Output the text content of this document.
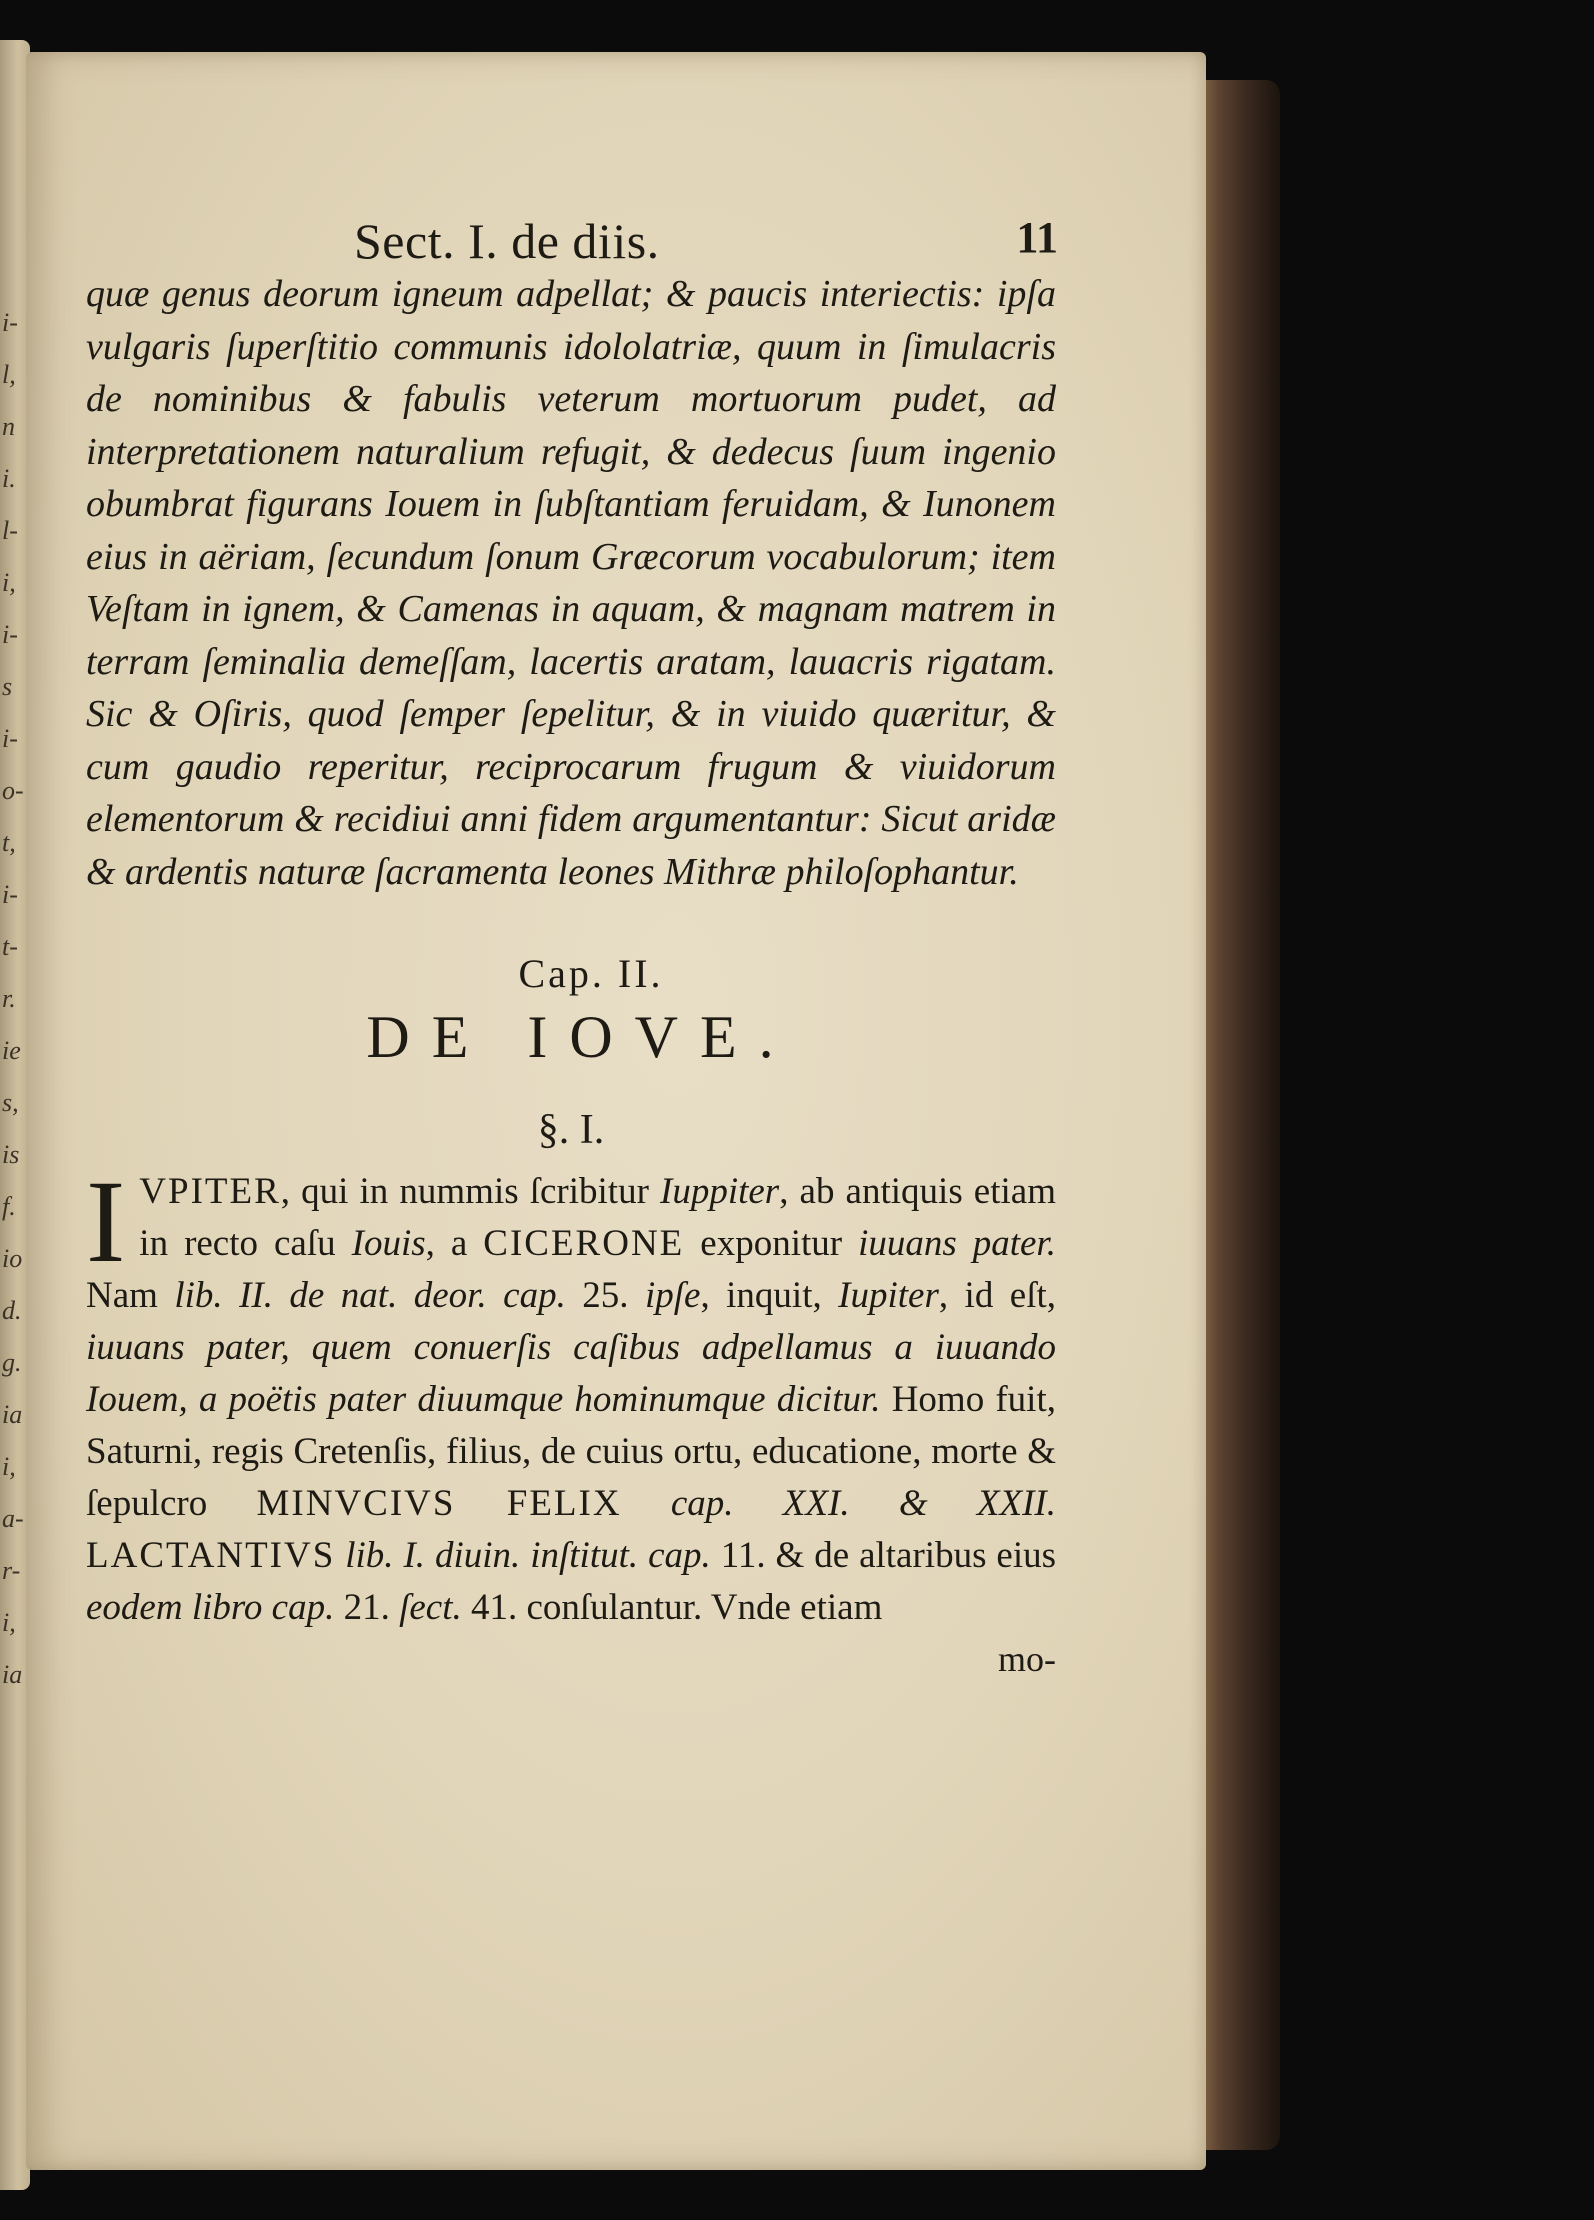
i-
l,
n
i.
l-
i,
i-
s
i-
o-
t,
i-
t-
r.
ie
s,
is
f.
io
d.
g.
ia
i,
a-
r-
i,
ia
Sect. I. de diis.	11

quæ genus deorum igneum adpellat; & paucis interiectis: ipſa vulgaris ſuperſtitio communis idololatriæ, quum in ſimulacris de nominibus & fabulis veterum mortuorum pudet, ad interpretationem naturalium refugit, & dedecus ſuum ingenio obumbrat figurans Iouem in ſubſtantiam feruidam, & Iunonem eius in aëriam, ſecundum ſonum Græcorum vocabulorum; item Veſtam in ignem, & Camenas in aquam, & magnam matrem in terram ſeminalia demeſſam, lacertis aratam, lauacris rigatam. Sic & Oſiris, quod ſemper ſepelitur, & in viuido quæritur, & cum gaudio reperitur, reciprocarum frugum & viuidorum elementorum & recidiui anni fidem argumentantur: Sicut aridæ & ardentis naturæ ſacramenta leones Mithræ philoſophantur.

Cap. II.
DE IOVE.
§. I.

I VPITER, qui in nummis ſcribitur Iuppiter, ab antiquis etiam in recto caſu Iouis, a CICERONE exponitur iuuans pater. Nam lib. II. de nat. deor. cap. 25. ipſe, inquit, Iupiter, id eſt, iuuans pater, quem conuerſis caſibus adpellamus a iuuando Iouem, a poëtis pater diuumque hominumque dicitur. Homo fuit, Saturni, regis Cretenſis, filius, de cuius ortu, educatione, morte & ſepulcro MINVCIVS FELIX cap. XXI. & XXII. LACTANTIVS lib. I. diuin. inſtitut. cap. 11. & de altaribus eius eodem libro cap. 21. ſect. 41. conſulantur. Vnde etiam

mo-
